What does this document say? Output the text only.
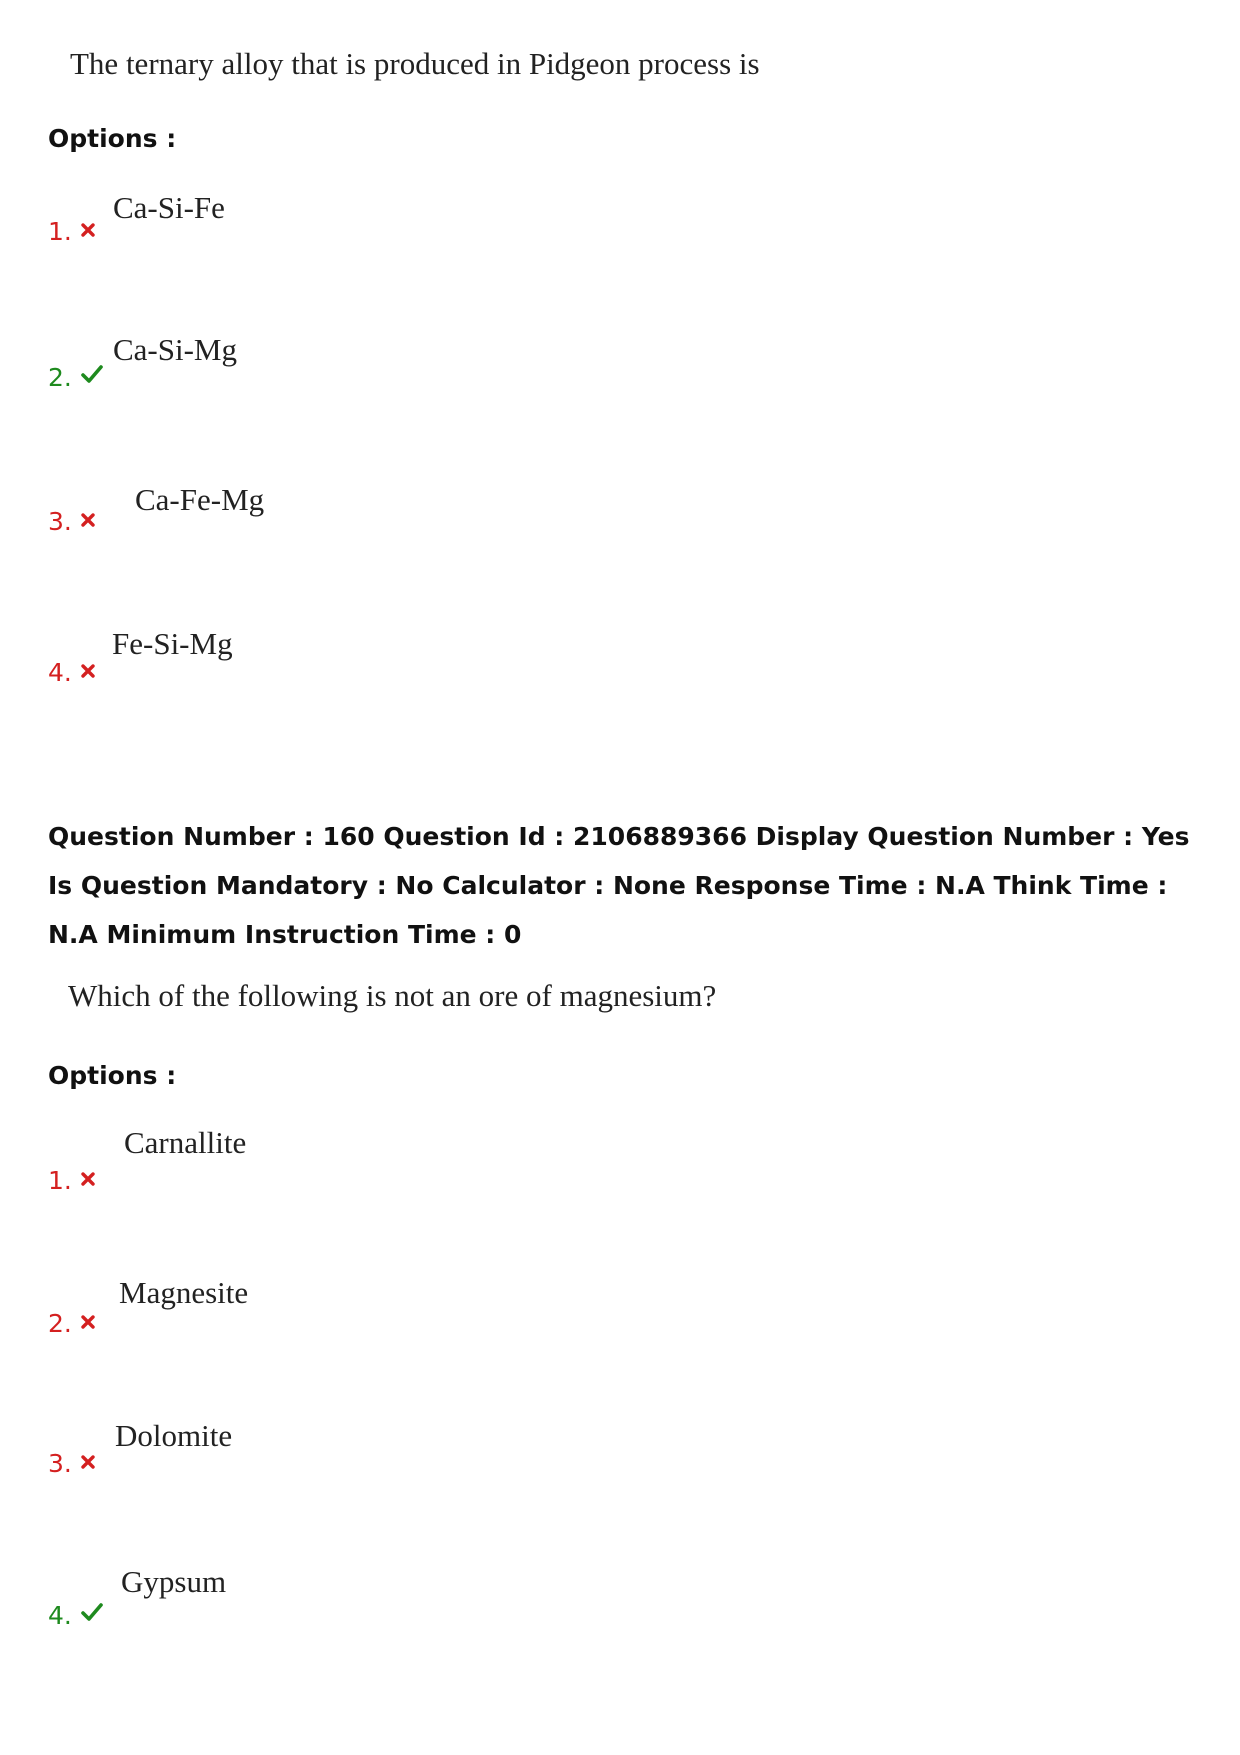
The ternary alloy that is produced in Pidgeon process is
Options :
1.
Ca-Si-Fe
2.
Ca-Si-Mg
3.
Ca-Fe-Mg
4.
Fe-Si-Mg
Question Number : 160 Question Id : 2106889366 Display Question Number : Yes Is Question Mandatory : No Calculator : None Response Time : N.A Think Time : N.A Minimum Instruction Time : 0
Which of the following is not an ore of magnesium?
Options :
1.
Carnallite
2.
Magnesite
3.
Dolomite
4.
Gypsum
